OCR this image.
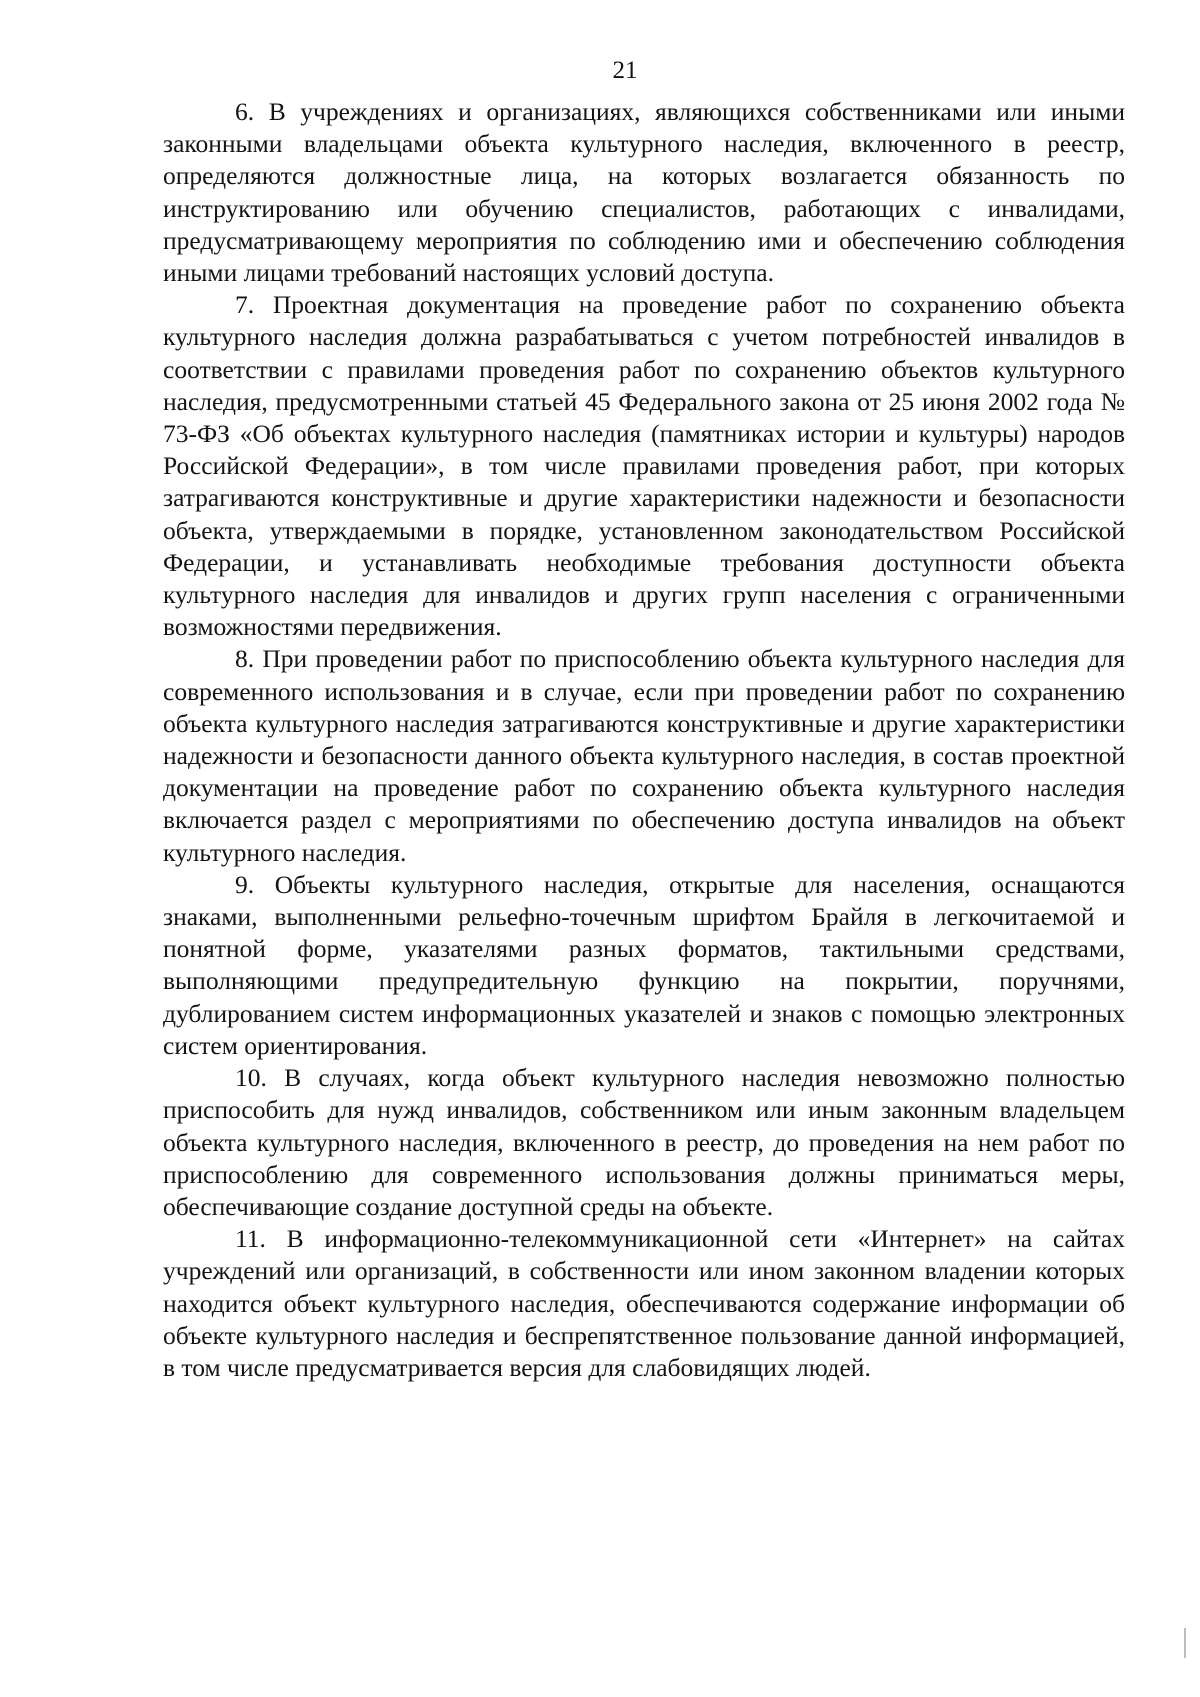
21

6. В учреждениях и организациях, являющихся собственниками или иными законными владельцами объекта культурного наследия, включенного в реестр, определяются должностные лица, на которых возлагается обязанность по инструктированию или обучению специалистов, работающих с инвалидами, предусматривающему мероприятия по соблюдению ими и обеспечению соблюдения иными лицами требований настоящих условий доступа.

7. Проектная документация на проведение работ по сохранению объекта культурного наследия должна разрабатываться с учетом потребностей инвалидов в соответствии с правилами проведения работ по сохранению объектов культурного наследия, предусмотренными статьей 45 Федерального закона от 25 июня 2002 года № 73-ФЗ «Об объектах культурного наследия (памятниках истории и культуры) народов Российской Федерации», в том числе правилами проведения работ, при которых затрагиваются конструктивные и другие характеристики надежности и безопасности объекта, утверждаемыми в порядке, установленном законодательством Российской Федерации, и устанавливать необходимые требования доступности объекта культурного наследия для инвалидов и других групп населения с ограниченными возможностями передвижения.

8. При проведении работ по приспособлению объекта культурного наследия для современного использования и в случае, если при проведении работ по сохранению объекта культурного наследия затрагиваются конструктивные и другие характеристики надежности и безопасности данного объекта культурного наследия, в состав проектной документации на проведение работ по сохранению объекта культурного наследия включается раздел с мероприятиями по обеспечению доступа инвалидов на объект культурного наследия.

9. Объекты культурного наследия, открытые для населения, оснащаются знаками, выполненными рельефно-точечным шрифтом Брайля в легкочитаемой и понятной форме, указателями разных форматов, тактильными средствами, выполняющими предупредительную функцию на покрытии, поручнями, дублированием систем информационных указателей и знаков с помощью электронных систем ориентирования.

10. В случаях, когда объект культурного наследия невозможно полностью приспособить для нужд инвалидов, собственником или иным законным владельцем объекта культурного наследия, включенного в реестр, до проведения на нем работ по приспособлению для современного использования должны приниматься меры, обеспечивающие создание доступной среды на объекте.

11. В информационно-телекоммуникационной сети «Интернет» на сайтах учреждений или организаций, в собственности или ином законном владении которых находится объект культурного наследия, обеспечиваются содержание информации об объекте культурного наследия и беспрепятственное пользование данной информацией, в том числе предусматривается версия для слабовидящих людей.
